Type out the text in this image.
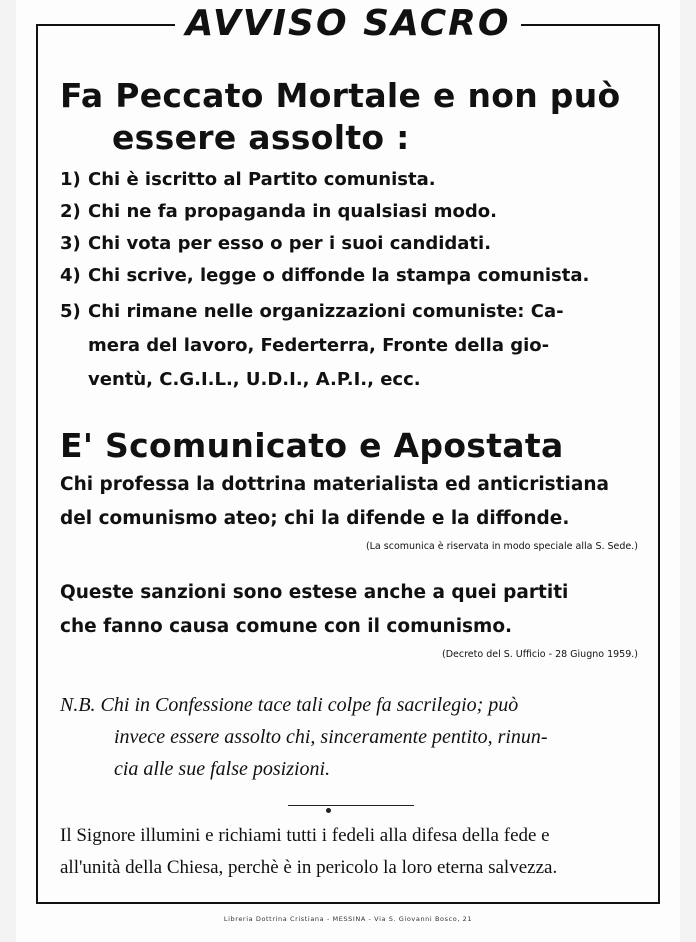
AVVISO SACRO
Fa Peccato Mortale e non può
essere assolto :
1) Chi è iscritto al Partito comunista.
2) Chi ne fa propaganda in qualsiasi modo.
3) Chi vota per esso o per i suoi candidati.
4) Chi scrive, legge o diffonde la stampa comunista.
5) Chi rimane nelle organizzazioni comuniste: Ca-
mera del lavoro, Federterra, Fronte della gio-
ventù, C.G.I.L., U.D.I., A.P.I., ecc.
E' Scomunicato e Apostata
Chi professa la dottrina materialista ed anticristiana
del comunismo ateo; chi la difende e la diffonde.
(La scomunica è riservata in modo speciale alla S. Sede.)
Queste sanzioni sono estese anche a quei partiti
che fanno causa comune con il comunismo.
(Decreto del S. Ufficio - 28 Giugno 1959.)
N.B. Chi in Confessione tace tali colpe fa sacrilegio; può
invece essere assolto chi, sinceramente pentito, rinun-
cia alle sue false posizioni.
Il Signore illumini e richiami tutti i fedeli alla difesa della fede e
all'unità della Chiesa, perchè è in pericolo la loro eterna salvezza.
Libreria Dottrina Cristiana - MESSINA - Via S. Giovanni Bosco, 21
